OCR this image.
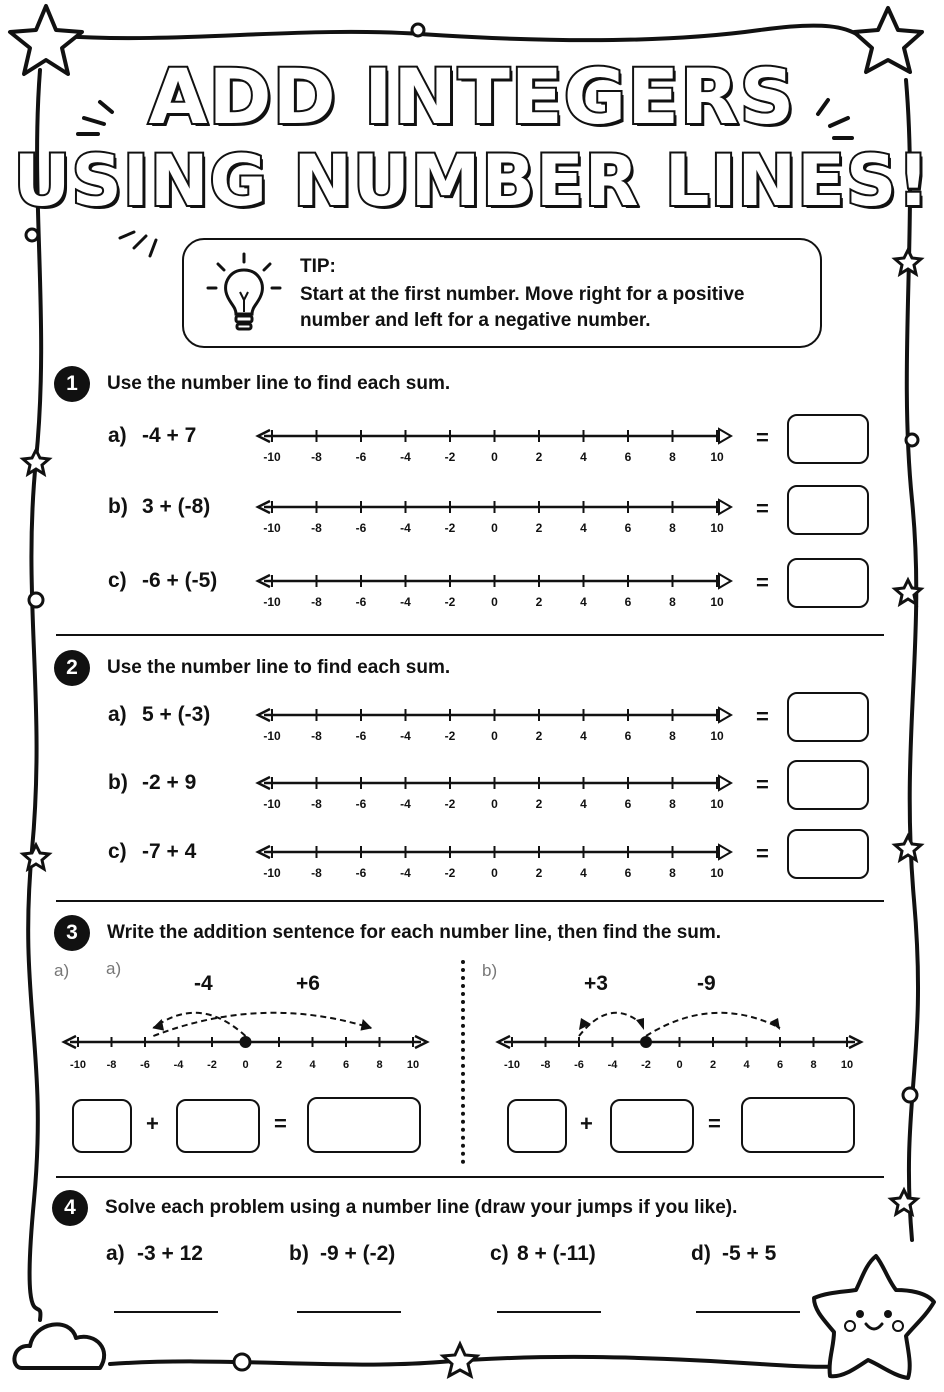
ADD INTEGERS
USING NUMBER LINES!
TIP:
Start at the first number. Move right for a positive number and left for a negative number.
1	Use the number line to find each sum.
a) -4 + 7
-10	-8	-6	-4	-2	0	2	4	6	8	10
=
b) 3 + (-8)
-10	-8	-6	-4	-2	0	2	4	6	8	10
=
c) -6 + (-5)
-10	-8	-6	-4	-2	0	2	4	6	8	10
=
2	Use the number line to find each sum.
a) 5 + (-3)
-10	-8	-6	-4	-2	0	2	4	6	8	10
=
b) -2 + 9
-10	-8	-6	-4	-2	0	2	4	6	8	10
=
c) -7 + 4
-10	-8	-6	-4	-2	0	2	4	6	8	10
=
3	Write the addition sentence for each number line, then find the sum.
a) a)
-4	+6
-10 -8 -6 -4 -2 0 2 4 6 8 10
+	=
b)
+3	-9
-10 -8 -6 -4 -2 0 2 4 6 8 10
+	=
4	Solve each problem using a number line (draw your jumps if you like).
a) -3 + 12	b) -9 + (-2)	c) 8 + (-11)	d) -5 + 5
